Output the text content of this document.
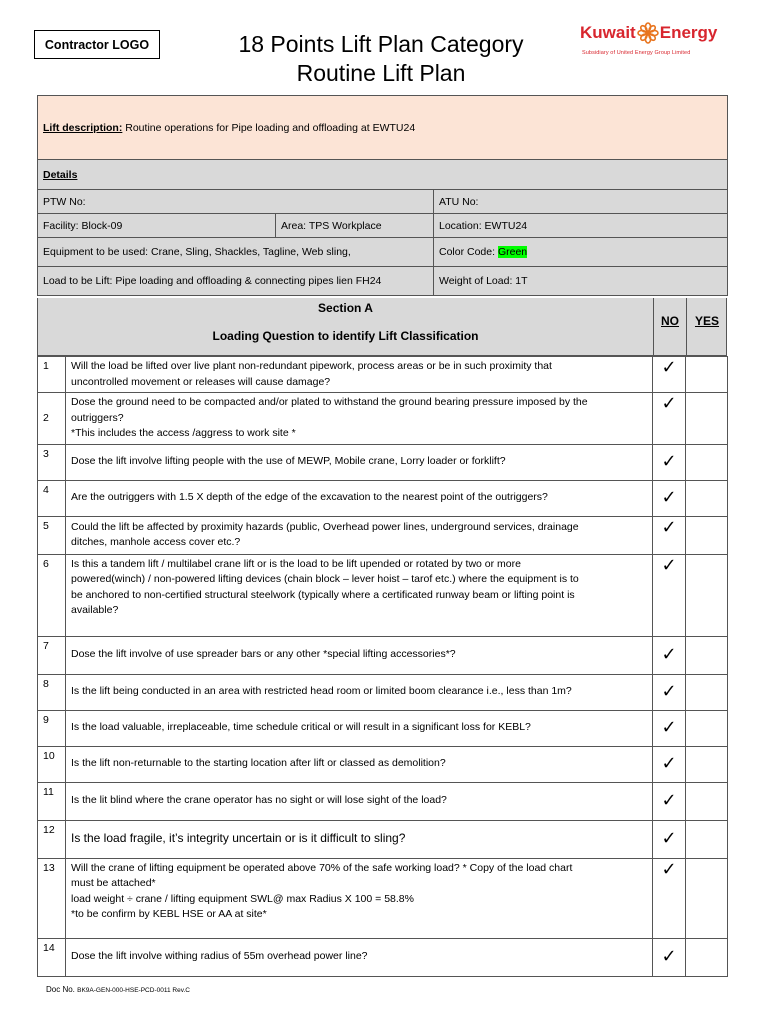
Contractor LOGO	18 Points Lift Plan Category
Routine Lift Plan
Kuwait Energy
Subsidiary of United Energy Group Limited
Lift description: Routine operations for Pipe loading and offloading at EWTU24		
Details		
PTW No:		ATU No:
Facility: Block-09	Area: TPS Workplace	Location: EWTU24
Equipment to be used: Crane, Sling, Shackles, Tagline, Web sling,		Color Code: Green
Load to be Lift: Pipe loading and offloading & connecting pipes lien FH24		Weight of Load: 1T
Section A
Loading Question to identify Lift Classification
NO	YES
1	Will the load be lifted over live plant non-redundant pipework, process areas or be in such proximity that
uncontrolled movement or releases will cause damage?	✓	
2	Dose the ground need to be compacted and/or plated to withstand the ground bearing pressure imposed by the
outriggers?
*This includes the access /aggress to work site *	✓	
3	Dose the lift involve lifting people with the use of MEWP, Mobile crane, Lorry loader or forklift?	✓	
4	Are the outriggers with 1.5 X depth of the edge of the excavation to the nearest point of the outriggers?	✓	
5	Could the lift be affected by proximity hazards (public, Overhead power lines, underground services, drainage
ditches, manhole access cover etc.?	✓	
6	Is this a tandem lift / multilabel crane lift or is the load to be lift upended or rotated by two or more
powered(winch) / non-powered lifting devices (chain block – lever hoist – tarof etc.) where the equipment is to
be anchored to non-certified structural steelwork (typically where a certificated runway beam or lifting point is
available?	✓	
7	Dose the lift involve of use spreader bars or any other *special lifting accessories*?	✓	
8	Is the lift being conducted in an area with restricted head room or limited boom clearance i.e., less than 1m?	✓	
9	Is the load valuable, irreplaceable, time schedule critical or will result in a significant loss for KEBL?	✓	
10	Is the lift non-returnable to the starting location after lift or classed as demolition?	✓	
11	Is the lit blind where the crane operator has no sight or will lose sight of the load?	✓	
12	Is the load fragile, it’s integrity uncertain or is it difficult to sling?	✓	
13	Will the crane of lifting equipment be operated above 70% of the safe working load? * Copy of the load chart
must be attached*
load weight ÷ crane / lifting equipment SWL@ max Radius X 100 = 58.8%
*to be confirm by KEBL HSE or AA at site*	✓	
14	Dose the lift involve withing radius of 55m overhead power line?	✓	
Doc No. BK9A-GEN-000-HSE-PCD-0011 Rev.C
